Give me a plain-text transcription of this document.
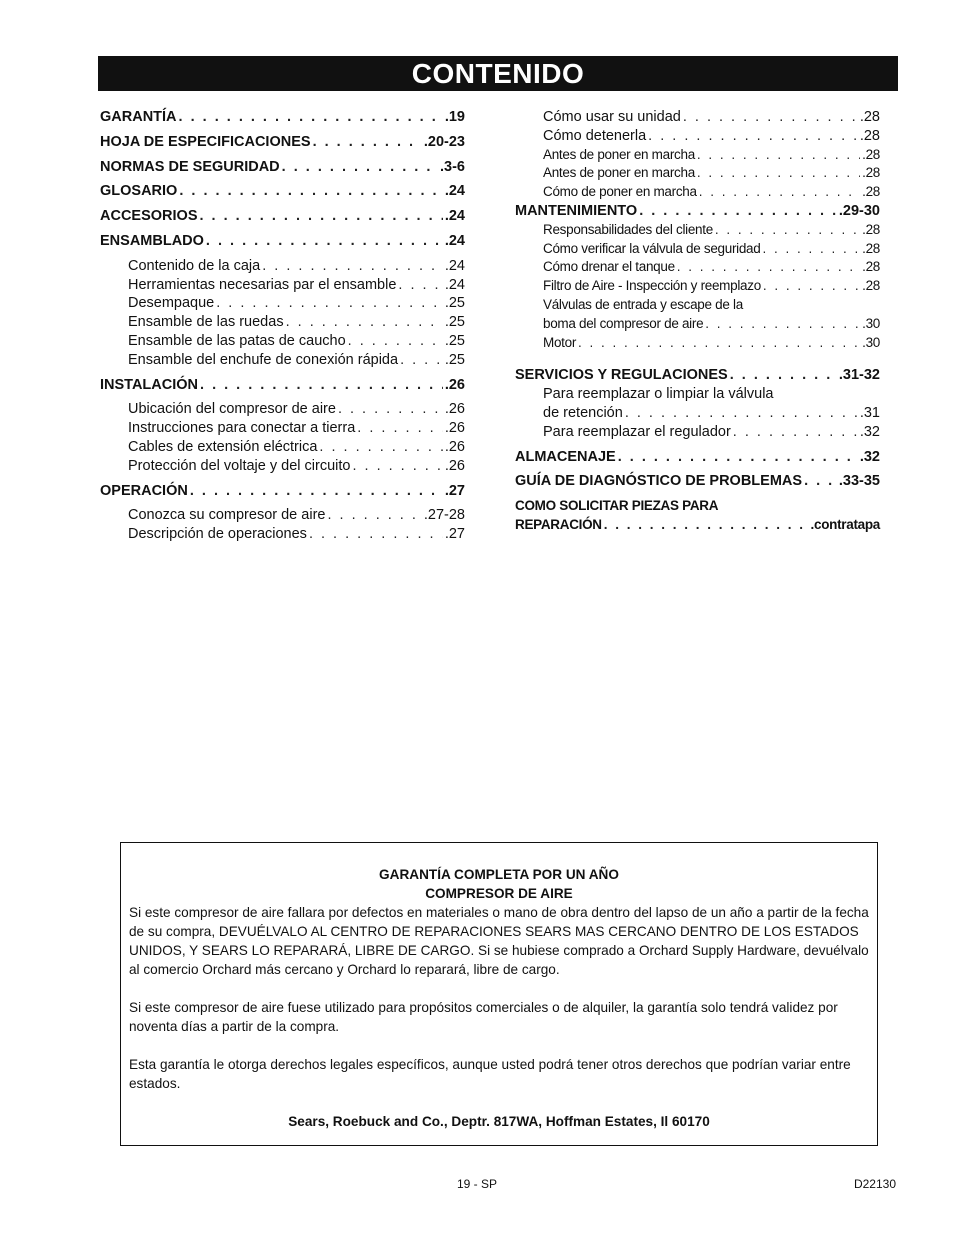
CONTENIDO
GARANTÍA . . .	.19
HOJA DE ESPECIFICACIONES . . .	.20-23
NORMAS DE SEGURIDAD . . .	.3-6
GLOSARIO . . .	.24
ACCESORIOS . . .	.24
ENSAMBLADO . . .	.24
Contenido de la caja . . .	.24
Herramientas necesarias par el ensamble . . .	.24
Desempaque . . .	.25
Ensamble de las ruedas . . .	.25
Ensamble de las patas de caucho . . .	.25
Ensamble del enchufe de conexión rápida . . .	.25
INSTALACIÓN . . .	.26
Ubicación del compresor de aire . . .	.26
Instrucciones para conectar a tierra . . .	.26
Cables de extensión eléctrica . . .	.26
Protección del voltaje y del circuito . . .	.26
OPERACIÓN . . .	.27
Conozca su compresor de aire . . .	.27-28
Descripción de operaciones . . .	.27
Cómo usar su unidad . . .	.28
Cómo detenerla . . .	.28
Antes de poner en marcha . . .	.28
Antes de poner en marcha . . .	.28
Cómo de poner en marcha . . .	.28
MANTENIMIENTO . . .	.29-30
Responsabilidades del cliente . . .	.28
Cómo verificar la válvula de seguridad . . .	.28
Cómo drenar el tanque . . .	.28
Filtro de Aire - Inspección y reemplazo . . .	.28
Válvulas de entrada y escape de la
boma del compresor de aire . . .	.30
Motor . . .	.30
SERVICIOS Y REGULACIONES . . .	.31-32
Para reemplazar o limpiar la válvula
de retención . . .	.31
Para reemplazar el regulador . . .	.32
ALMACENAJE . . .	.32
GUÍA DE DIAGNÓSTICO DE PROBLEMAS . . .	.33-35
COMO SOLICITAR PIEZAS PARA
REPARACIÓN . . .	.contratapa
GARANTÍA COMPLETA POR UN AÑO
COMPRESOR DE AIRE

Si este compresor de aire fallara por defectos en materiales o mano de obra dentro del lapso de un año a partir de la fecha de su compra, DEVUÉLVALO AL CENTRO DE REPARACIONES SEARS MAS CERCANO DENTRO DE LOS ESTADOS UNIDOS, Y SEARS LO REPARARÁ, LIBRE DE CARGO. Si se hubiese comprado a Orchard Supply Hardware, devuélvalo al comercio Orchard más cercano y Orchard lo reparará, libre de cargo.

Si este compresor de aire fuese utilizado para propósitos comerciales o de alquiler, la garantía solo tendrá validez por noventa días a partir de la compra.

Esta garantía le otorga derechos legales específicos, aunque usted podrá tener otros derechos que podrían variar entre estados.

Sears, Roebuck and Co., Deptr. 817WA, Hoffman Estates, Il 60170
19 - SP	D22130
